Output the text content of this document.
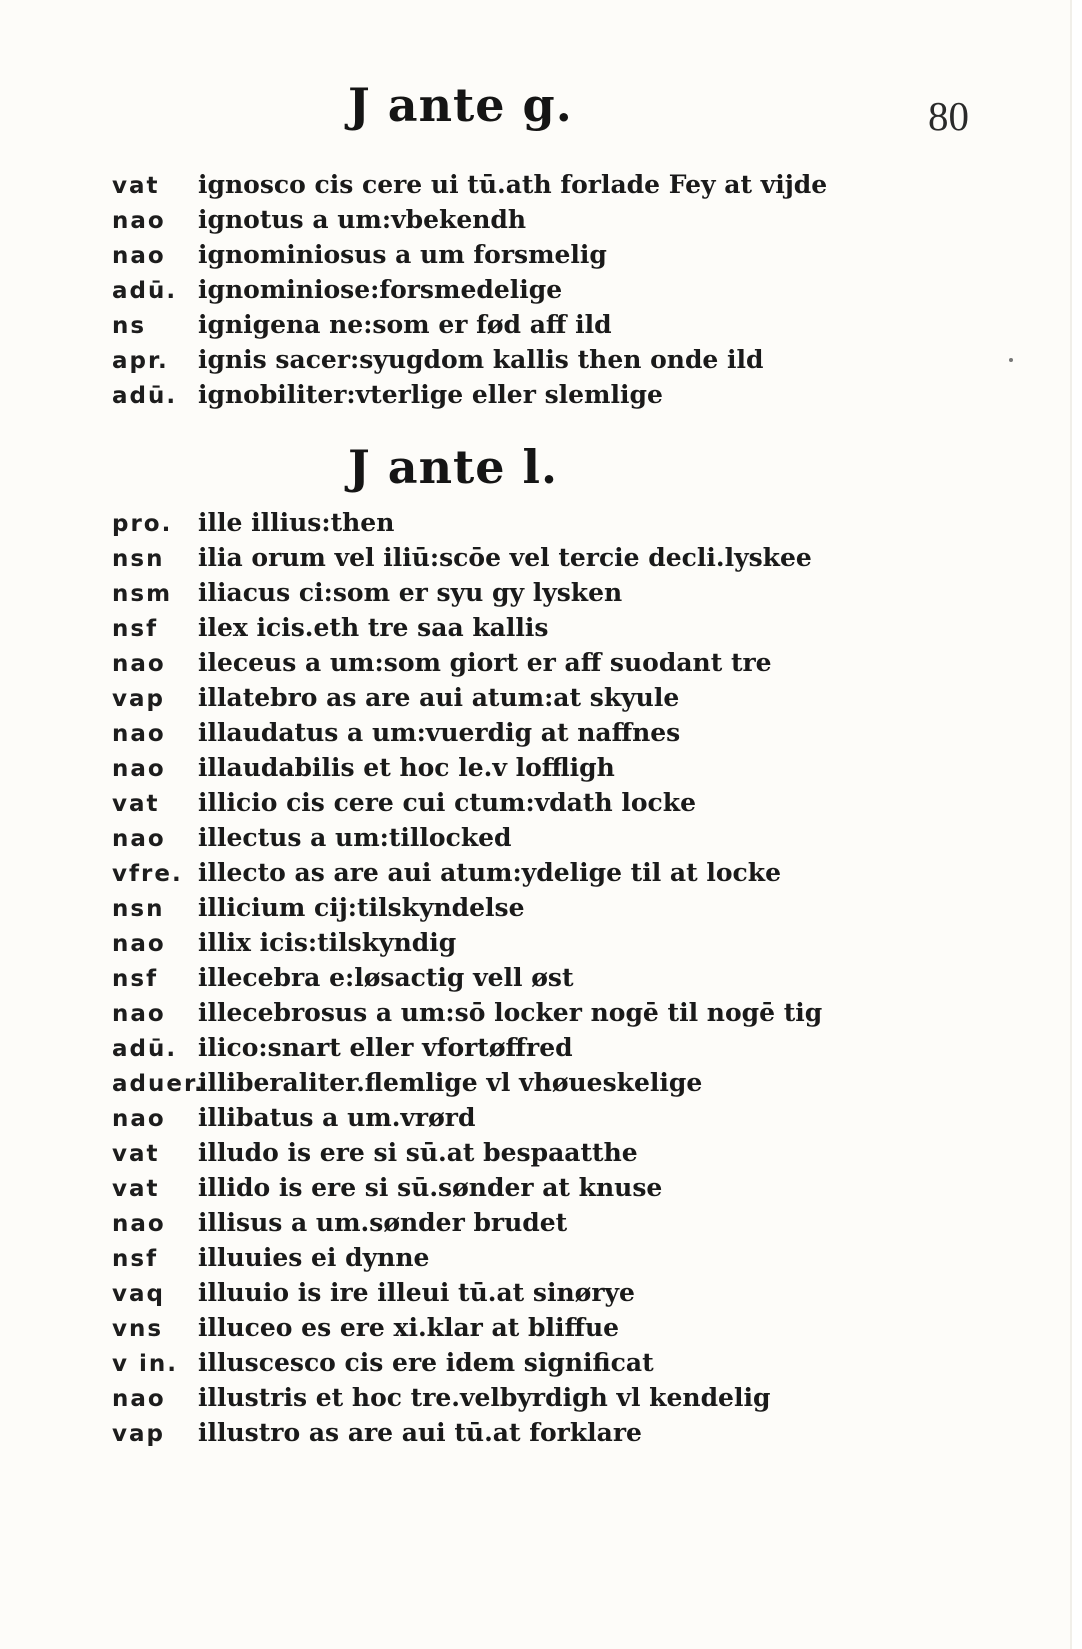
80
J ante g.
J ante l.
vat ignosco cis cere ui tū.ath forlade Fey at vijde
nao ignotus a um:vbekendh
nao ignominiosus a um forsmelig
adū. ignominiose:forsmedelige
ns ignigena ne:som er fød aff ild
apr. ignis sacer:syugdom kallis then onde ild
adū. ignobiliter:vterlige eller slemlige
pro. ille illius:then
nsn ilia orum vel iliū:scōe vel tercie decli.lyskee
nsm iliacus ci:som er syu gy lysken
nsf ilex icis.eth tre saa kallis
nao ileceus a um:som giort er aff suodant tre
vap illatebro as are aui atum:at skyule
nao illaudatus a um:vuerdig at naffnes
nao illaudabilis et hoc le.v loffligh
vat illicio cis cere cui ctum:vdath locke
nao illectus a um:tillocked
vfre. illecto as are aui atum:ydelige til at locke
nsn illicium cij:tilskyndelse
nao illix icis:tilskyndig
nsf illecebra e:løsactig vell øst
nao illecebrosus a um:sō locker nogē til nogē tig
adū. ilico:snart eller vfortøffred
aduer.illiberaliter.flemlige vl vhøueskelige
nao illibatus a um.vrørd
vat illudo is ere si sū.at bespaatthe
vat illido is ere si sū.sønder at knuse
nao illisus a um.sønder brudet
nsf illuuies ei dynne
vaq illuuio is ire illeui tū.at sinørye
vns illuceo es ere xi.klar at bliffue
v in. illuscesco cis ere idem significat
nao illustris et hoc tre.velbyrdigh vl kendelig
vap illustro as are aui tū.at forklare
